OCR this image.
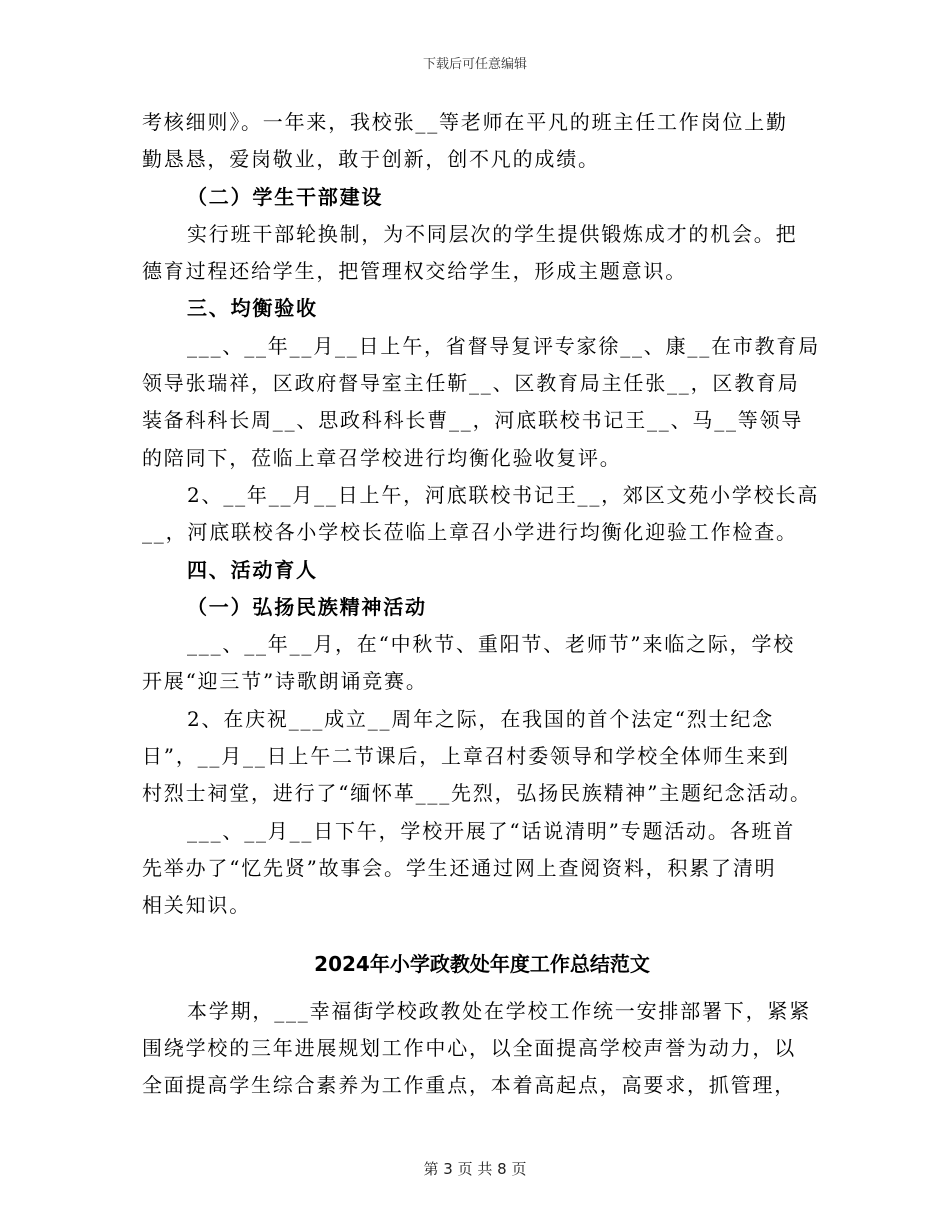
下载后可任意编辑
考核细则》。一年来，我校张__等老师在平凡的班主任工作岗位上勤
勤恳恳，爱岗敬业，敢于创新，创不凡的成绩。
（二）学生干部建设
实行班干部轮换制，为不同层次的学生提供锻炼成才的机会。把
德育过程还给学生，把管理权交给学生，形成主题意识。
三、均衡验收
___、__年__月__日上午，省督导复评专家徐__、康__在市教育局
领导张瑞祥，区政府督导室主任靳__、区教育局主任张__，区教育局
装备科科长周__、思政科科长曹__，河底联校书记王__、马__等领导
的陪同下，莅临上章召学校进行均衡化验收复评。
2、__年__月__日上午，河底联校书记王__，郊区文苑小学校长高
__，河底联校各小学校长莅临上章召小学进行均衡化迎验工作检查。
四、活动育人
（一）弘扬民族精神活动
___、__年__月，在“中秋节、重阳节、老师节”来临之际，学校
开展“迎三节”诗歌朗诵竞赛。
2、在庆祝___成立__周年之际，在我国的首个法定“烈士纪念
日”，__月__日上午二节课后，上章召村委领导和学校全体师生来到
村烈士祠堂，进行了“缅怀革___先烈，弘扬民族精神”主题纪念活动。
___、__月__日下午，学校开展了“话说清明”专题活动。各班首
先举办了“忆先贤”故事会。学生还通过网上查阅资料，积累了清明
相关知识。
2024年小学政教处年度工作总结范文
本学期，___幸福街学校政教处在学校工作统一安排部署下，紧紧
围绕学校的三年进展规划工作中心，以全面提高学校声誉为动力，以
全面提高学生综合素养为工作重点，本着高起点，高要求，抓管理，
第 3 页 共 8 页
